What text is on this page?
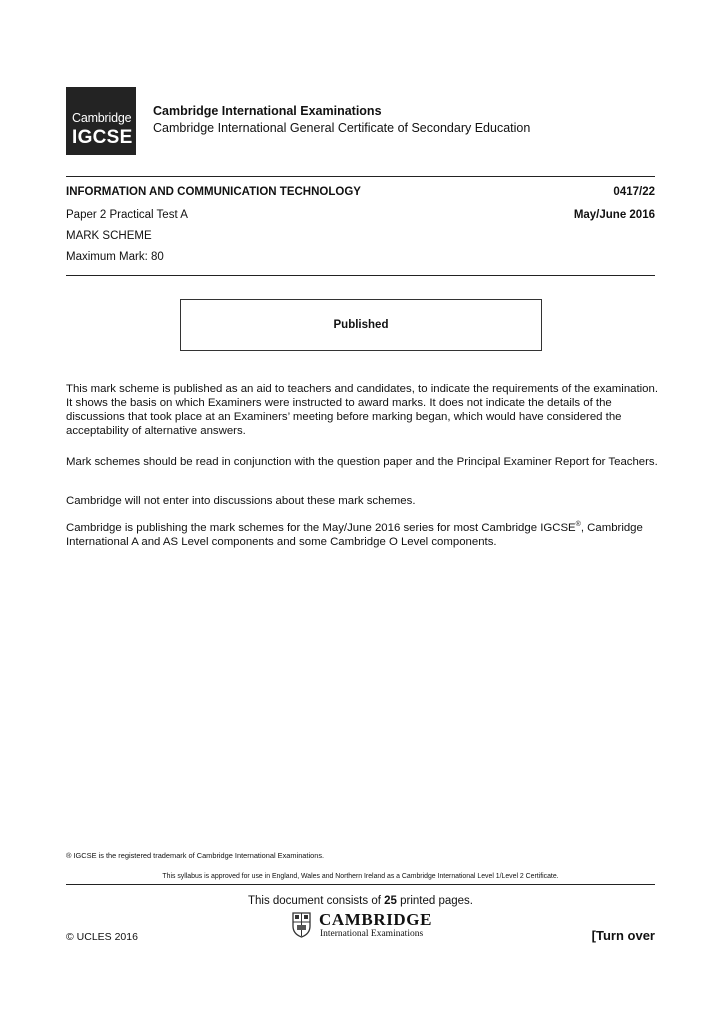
Cambridge
IGCSE
Cambridge International Examinations
Cambridge International General Certificate of Secondary Education
INFORMATION AND COMMUNICATION TECHNOLOGY	0417/22
Paper 2 Practical Test A	May/June 2016
MARK SCHEME
Maximum Mark: 80
Published

This mark scheme is published as an aid to teachers and candidates, to indicate the requirements of the examination. It shows the basis on which Examiners were instructed to award marks. It does not indicate the details of the discussions that took place at an Examiners’ meeting before marking began, which would have considered the acceptability of alternative answers.

Mark schemes should be read in conjunction with the question paper and the Principal Examiner Report for Teachers.

Cambridge will not enter into discussions about these mark schemes.

Cambridge is publishing the mark schemes for the May/June 2016 series for most Cambridge IGCSE®, Cambridge International A and AS Level components and some Cambridge O Level components.

® IGCSE is the registered trademark of Cambridge International Examinations.
This syllabus is approved for use in England, Wales and Northern Ireland as a Cambridge International Level 1/Level 2 Certificate.
This document consists of 25 printed pages.
© UCLES 2016
CAMBRIDGE
International Examinations	[Turn over
